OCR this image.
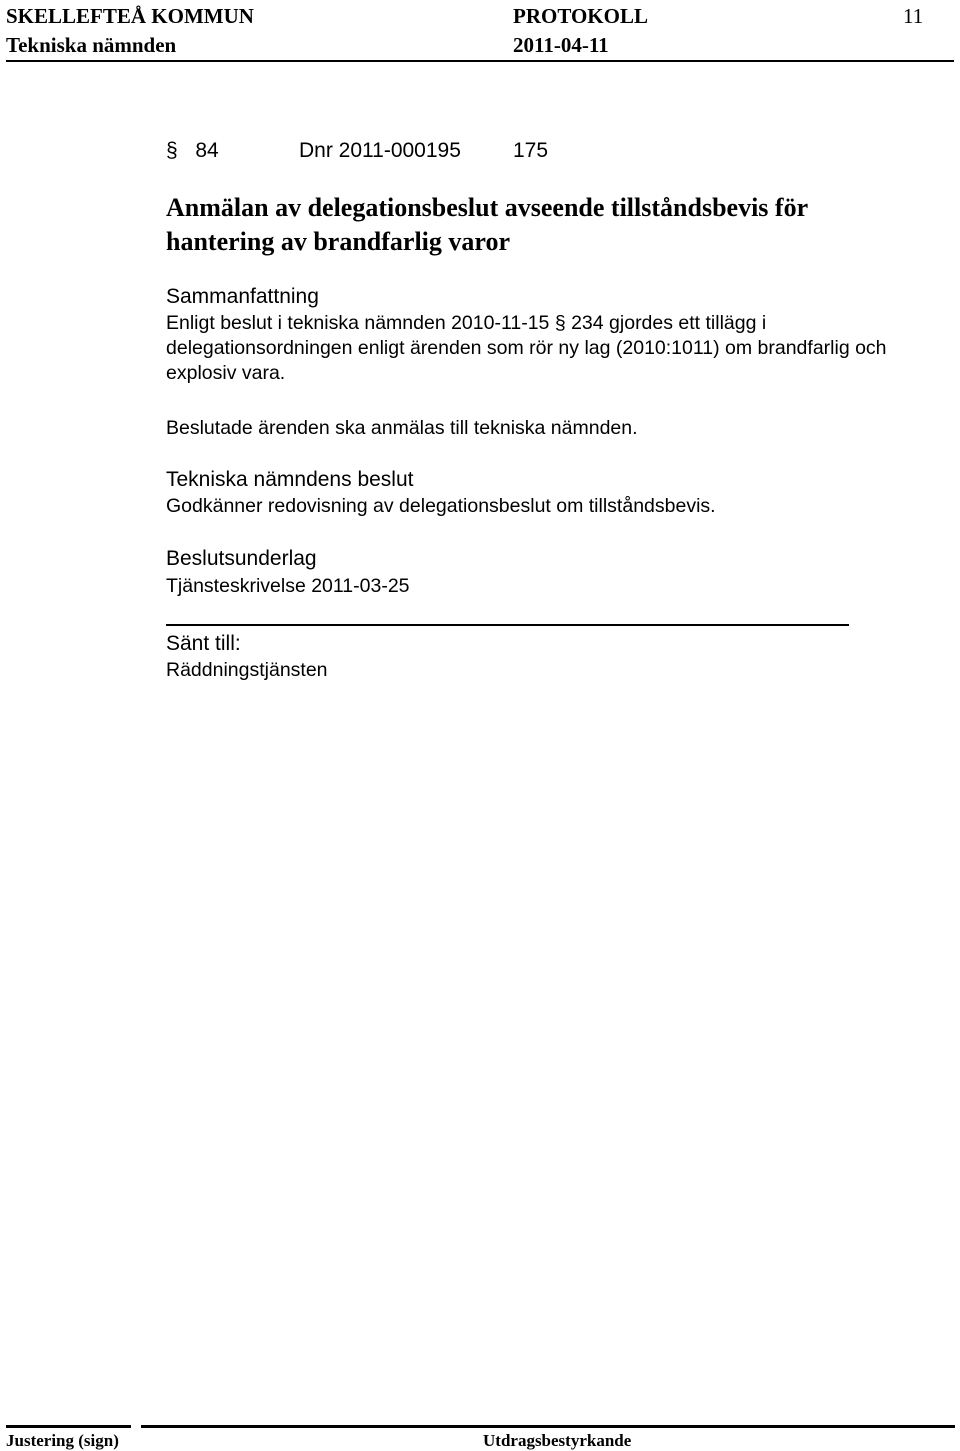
SKELLEFTEÅ KOMMUN	PROTOKOLL	11
Tekniska nämnden	2011-04-11
§ 84	Dnr 2011-000195 175
Anmälan av delegationsbeslut avseende tillståndsbevis för
hantering av brandfarlig varor
Sammanfattning
Enligt beslut i tekniska nämnden 2010-11-15 § 234 gjordes ett tillägg i
delegationsordningen enligt ärenden som rör ny lag (2010:1011) om brandfarlig och
explosiv vara.
Beslutade ärenden ska anmälas till tekniska nämnden.
Tekniska nämndens beslut
Godkänner redovisning av delegationsbeslut om tillståndsbevis.
Beslutsunderlag
Tjänsteskrivelse 2011-03-25
Sänt till:
Räddningstjänsten
Justering (sign)	Utdragsbestyrkande
